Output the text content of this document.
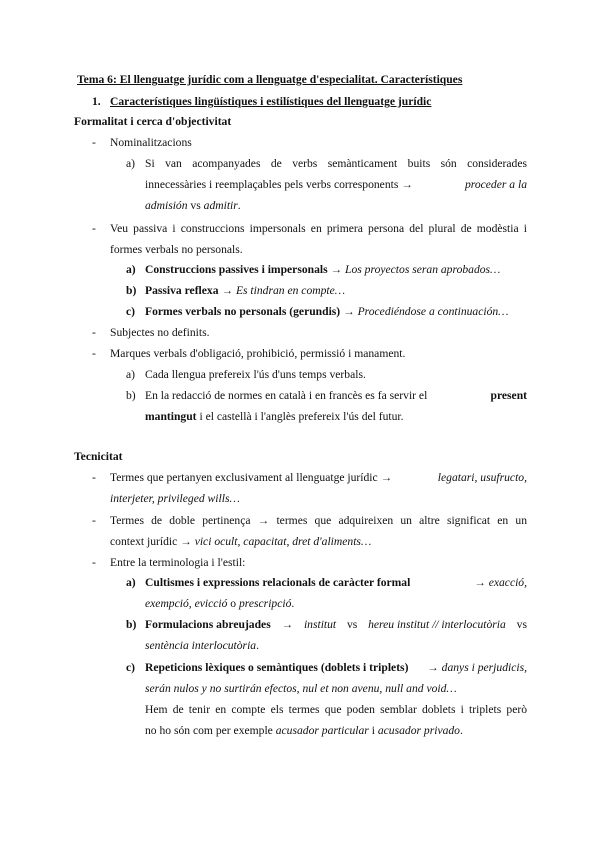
Tema 6: El llenguatge jurídic com a llenguatge d'especialitat. Característiques
1. Característiques lingüístiques i estilístiques del llenguatge jurídic
Formalitat i cerca d'objectivitat
- Nominalitzacions
a) Si van acompanyades de verbs semànticament buits són considerades
innecessàries i reemplaçables pels verbs corresponents →	proceder a la
admisión vs admitir.
- Veu passiva i construccions impersonals en primera persona del plural de modèstia i
formes verbals no personals.
a) Construccions passives i impersonals → Los proyectos seran aprobados…
b) Passiva reflexa → Es tindran en compte…
c) Formes verbals no personals (gerundis) → Procediéndose a continuación…
- Subjectes no definits.
- Marques verbals d'obligació, prohibició, permissió i manament.
a) Cada llengua prefereix l'ús d'uns temps verbals.
b) En la redacció de normes en català i en francès es fa servir el	present
mantingut i el castellà i l'anglès prefereix l'ús del futur.
Tecnicitat
- Termes que pertanyen exclusivament al llenguatge jurídic →	legatari, usufructo,
interjeter, privileged wills…
- Termes de doble pertinença → termes que adquireixen un altre significat en un
context jurídic → vici ocult, capacitat, dret d'aliments…
- Entre la terminologia i l'estil:
a) Cultismes i expressions relacionals de caràcter formal	→ exacció,
exempció, evicció o prescripció.
b) Formulacions abreujades → institut vs hereu institut // interlocutòria vs
sentència interlocutòria.
c) Repeticions lèxiques o semàntiques (doblets i triplets) → danys i perjudicis,
serán nulos y no surtirán efectos, nul et non avenu, null and void…
Hem de tenir en compte els termes que poden semblar doblets i triplets però
no ho són com per exemple acusador particular i acusador privado.
